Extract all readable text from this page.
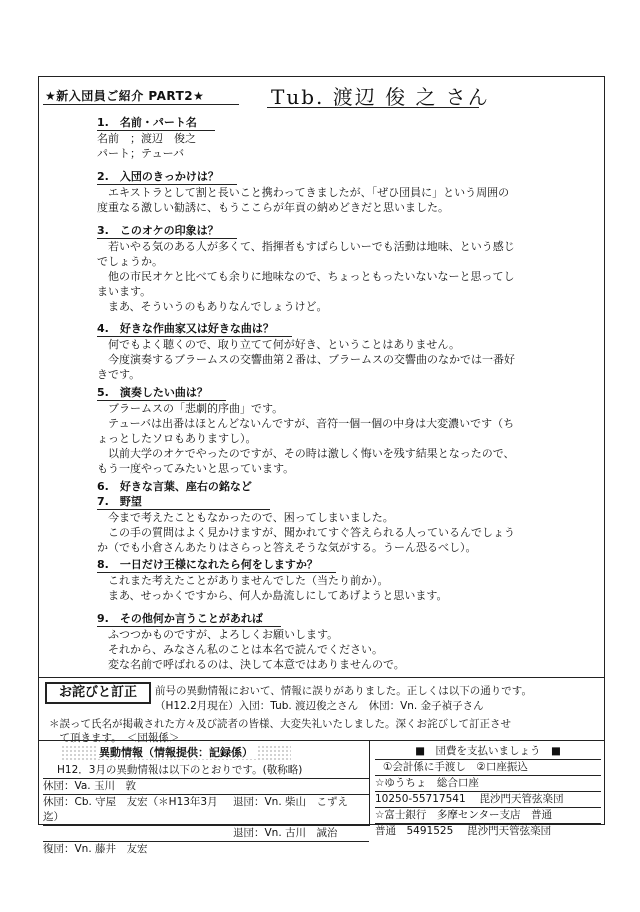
★新入団員ご紹介 PART2★	Tub. 渡辺 俊 之 さん
1.　名前・パート名
名前　；渡辺　俊之
パート；テューバ
2.　入団のきっかけは？
　エキストラとして割と長いこと携わってきましたが、「ぜひ団員に」という周囲の
度重なる激しい勧誘に、もうここらが年貢の納めどきだと思いました。
3.　このオケの印象は？
　若いやる気のある人が多くて、指揮者もすばらしいーでも活動は地味、という感じ
でしょうか。
　他の市民オケと比べても余りに地味なので、ちょっともったいないなーと思ってし
まいます。
　まあ、そういうのもありなんでしょうけど。
4.　好きな作曲家又は好きな曲は？
　何でもよく聴くので、取り立てて何が好き、ということはありません。
　今度演奏するブラームスの交響曲第２番は、ブラームスの交響曲のなかでは一番好
きです。
5.　演奏したい曲は？
　ブラームスの「悲劇的序曲」です。
　テューバは出番はほとんどないんですが、音符一個一個の中身は大変濃いです（ち
ょっとしたソロもありますし）。
　以前大学のオケでやったのですが、その時は激しく悔いを残す結果となったので、
もう一度やってみたいと思っています。
6.　好きな言葉、座右の銘など
7.　野望
　今まで考えたこともなかったので、困ってしまいました。
　この手の質問はよく見かけますが、聞かれてすぐ答えられる人っているんでしょう
か（でも小倉さんあたりはさらっと答えそうな気がする。うーん恐るべし）。
8.　一日だけ王様になれたら何をしますか？
　これまた考えたことがありませんでした（当たり前か）。
　まあ、せっかくですから、何人か島流しにしてあげようと思います。
9.　その他何か言うことがあれば
　ふつつかものですが、よろしくお願いします。
　それから、みなさん私のことは本名で読んでください。
　変な名前で呼ばれるのは、決して本意ではありませんので。
お詫びと訂正	前号の異動情報において、情報に誤りがありました。正しくは以下の通りです。
（H12.2月現在）入団：Tub. 渡辺俊之さん　休団：Vn. 金子禎子さん
＊誤って氏名が掲載された方々及び読者の皆様、大変失礼いたしました。深くお詫びして訂正させ
　て頂きます。　＜団報係＞
異動情報（情報提供：記録係）
H12．3月の異動情報は以下のとおりです。(敬称略)
休団：Va. 玉川　敦
休団：Cb. 守屋　友宏（＊H13年3月迄）
退団：Vn. 柴山　こずえ
退団：Vn. 古川　誠治
復団：Vn. 藤井　友宏
■　団費を支払いましょう　■
①会計係に手渡し　②口座振込
☆ゆうちょ　総合口座
10250-55717541　 毘沙門天管弦楽団
☆富士銀行　多摩センター支店　普通
普通　5491525　 毘沙門天管弦楽団
